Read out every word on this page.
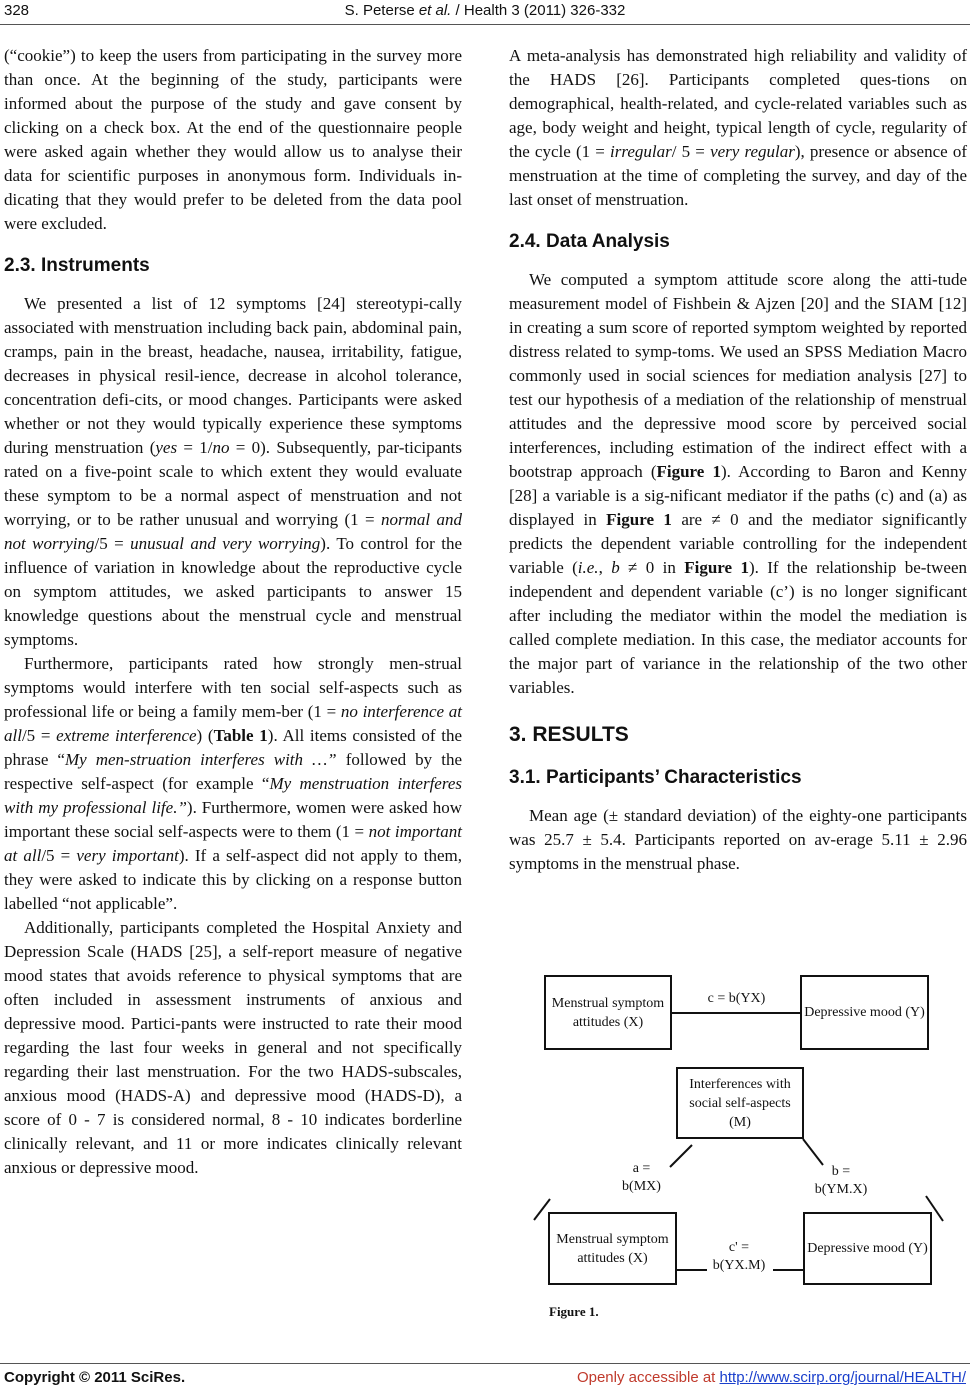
328	S. Peterse et al. / Health 3 (2011) 326-332

(“cookie”) to keep the users from participating in the survey more than once. At the beginning of the study, participants were informed about the purpose of the study and gave consent by clicking on a check box. At the end of the questionnaire people were asked again whether they would allow us to analyse their data for scientific purposes in anonymous form. Individuals in-dicating that they would prefer to be deleted from the data pool were excluded.

2.3. Instruments

We presented a list of 12 symptoms [24] stereotypi-cally associated with menstruation including back pain, abdominal pain, cramps, pain in the breast, headache, nausea, irritability, fatigue, decreases in physical resil-ience, decrease in alcohol tolerance, concentration defi-cits, or mood changes. Participants were asked whether or not they would typically experience these symptoms during menstruation (yes = 1/no = 0). Subsequently, par-ticipants rated on a five-point scale to which extent they would evaluate these symptom to be a normal aspect of menstruation and not worrying, or to be rather unusual and worrying (1 = normal and not worrying/5 = unusual and very worrying). To control for the influence of variation in knowledge about the reproductive cycle on symptom attitudes, we asked participants to answer 15 knowledge questions about the menstrual cycle and menstrual symptoms.

Furthermore, participants rated how strongly men-strual symptoms would interfere with ten social self-aspects such as professional life or being a family mem-ber (1 = no interference at all/5 = extreme interference) (Table 1). All items consisted of the phrase “My men-struation interferes with …” followed by the respective self-aspect (for example “My menstruation interferes with my professional life.”). Furthermore, women were asked how important these social self-aspects were to them (1 = not important at all/5 = very important). If a self-aspect did not apply to them, they were asked to indicate this by clicking on a response button labelled “not applicable”.

Additionally, participants completed the Hospital Anxiety and Depression Scale (HADS [25], a self-report measure of negative mood states that avoids reference to physical symptoms that are often included in assessment instruments of anxious and depressive mood. Partici-pants were instructed to rate their mood regarding the last four weeks in general and not specifically regarding their last menstruation. For the two HADS-subscales, anxious mood (HADS-A) and depressive mood (HADS-D), a score of 0 - 7 is considered normal, 8 - 10 indicates borderline clinically relevant, and 11 or more indicates clinically relevant anxious or depressive mood.

A meta-analysis has demonstrated high reliability and validity of the HADS [26]. Participants completed ques-tions on demographical, health-related, and cycle-related variables such as age, body weight and height, typical length of cycle, regularity of the cycle (1 = irregular/ 5 = very regular), presence or absence of menstruation at the time of completing the survey, and day of the last onset of menstruation.

2.4. Data Analysis

We computed a symptom attitude score along the atti-tude measurement model of Fishbein & Ajzen [20] and the SIAM [12] in creating a sum score of reported symptom weighted by reported distress related to symp-toms. We used an SPSS Mediation Macro commonly used in social sciences for mediation analysis [27] to test our hypothesis of a mediation of the relationship of menstrual attitudes and the depressive mood score by perceived social interferences, including estimation of the indirect effect with a bootstrap approach (Figure 1). According to Baron and Kenny [28] a variable is a sig-nificant mediator if the paths (c) and (a) as displayed in Figure 1 are ≠ 0 and the mediator significantly predicts the dependent variable controlling for the independent variable (i.e., b ≠ 0 in Figure 1). If the relationship be-tween independent and dependent variable (c’) is no longer significant after including the mediator within the model the mediation is called complete mediation. In this case, the mediator accounts for the major part of variance in the relationship of the two other variables.

3. RESULTS
3.1. Participants’ Characteristics

Mean age (± standard deviation) of the eighty-one participants was 25.7 ± 5.4. Participants reported on av-erage 5.11 ± 2.96 symptoms in the menstrual phase.

Menstrual symptom attitudes (X)
Depressive mood (Y)
c = b(YX)
Interferences with social self-aspects (M)
a =
b(MX)
b =
b(YM.X)
Menstrual symptom attitudes (X)
Depressive mood (Y)
c' =
b(YX.M)
Figure 1.
Copyright © 2011 SciRes.	Openly accessible at http://www.scirp.org/journal/HEALTH/
